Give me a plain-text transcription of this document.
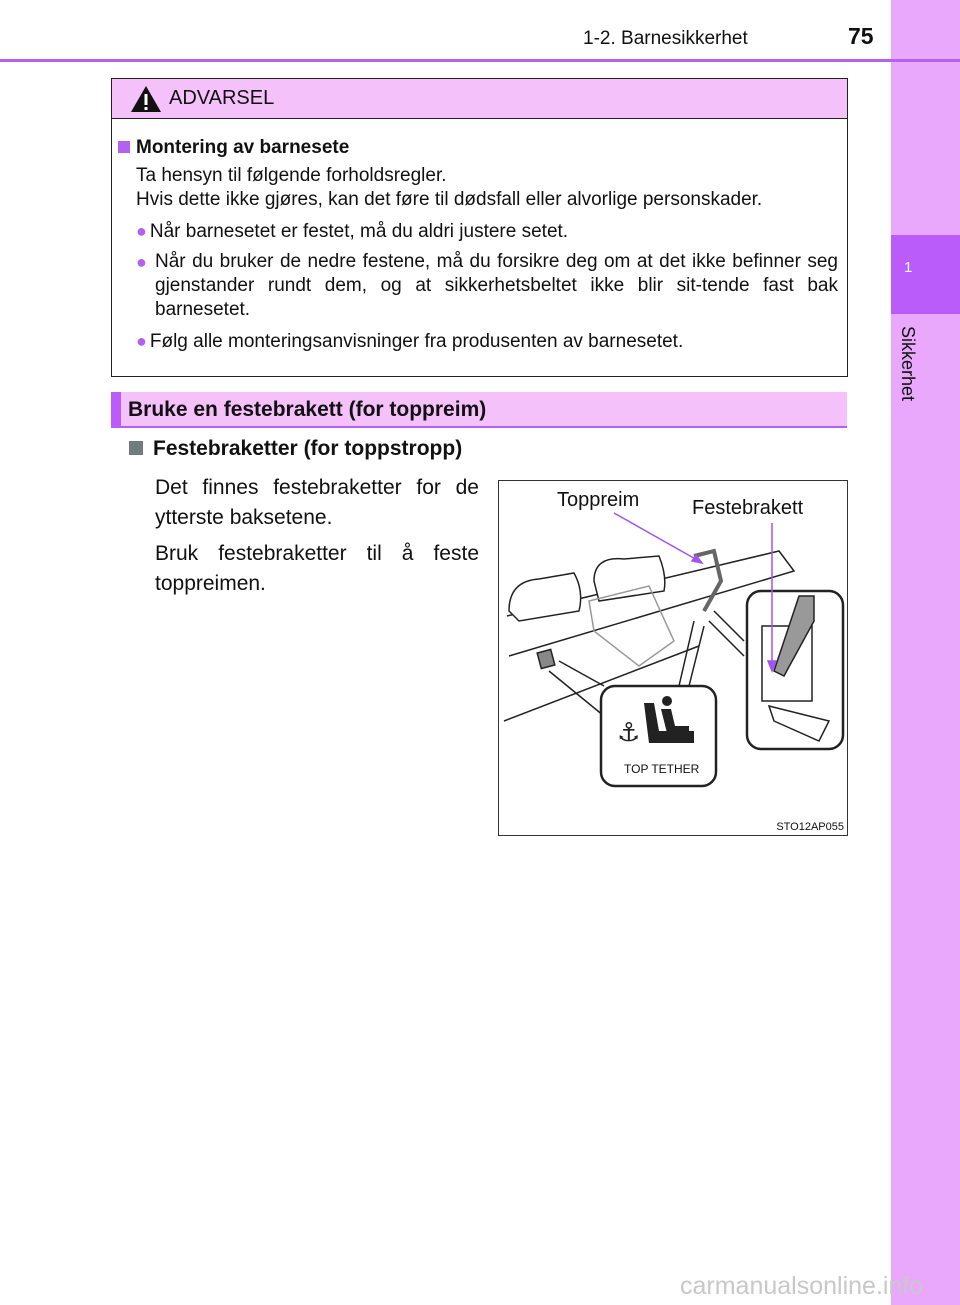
1
Sikkerhet
1-2. Barnesikkerhet	75
ADVARSEL
Montering av barnesete
Ta hensyn til følgende forholdsregler.
Hvis dette ikke gjøres, kan det føre til dødsfall eller alvorlige personskader.
● Når barnesetet er festet, må du aldri justere setet.
● Når du bruker de nedre festene, må du forsikre deg om at det ikke befinner seg gjenstander rundt dem, og at sikkerhetsbeltet ikke blir sit-tende fast bak barnesetet.
● Følg alle monteringsanvisninger fra produsenten av barnesetet.
Bruke en festebrakett (for toppreim)
Festebraketter (for toppstropp)
Det finnes festebraketter for de ytterste baksetene.
Bruk festebraketter til å feste toppreimen.
⚓
Toppreim	Festebrakett
TOP TETHER
STO12AP055
carmanualsonline.info
